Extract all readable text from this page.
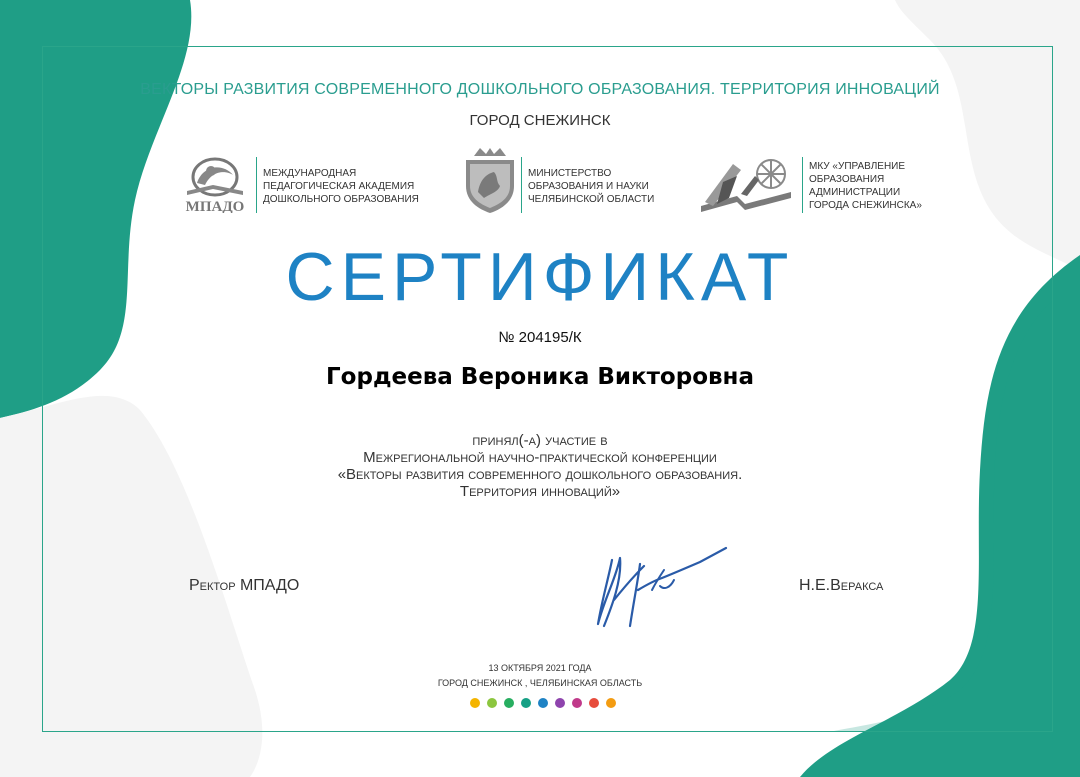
ВЕКТОРЫ РАЗВИТИЯ СОВРЕМЕННОГО ДОШКОЛЬНОГО ОБРАЗОВАНИЯ. ТЕРРИТОРИЯ ИННОВАЦИЙ
ГОРОД СНЕЖИНСК
МПАДО
МЕЖДУНАРОДНАЯ
ПЕДАГОГИЧЕСКАЯ АКАДЕМИЯ
ДОШКОЛЬНОГО ОБРАЗОВАНИЯ
МИНИСТЕРСТВО
ОБРАЗОВАНИЯ И НАУКИ
ЧЕЛЯБИНСКОЙ ОБЛАСТИ
МКУ «УПРАВЛЕНИЕ
ОБРАЗОВАНИЯ
АДМИНИСТРАЦИИ
ГОРОДА СНЕЖИНСКА»
СЕРТИФИКАТ
№ 204195/К
Гордеева Вероника Викторовна
принял(-а) участие в
Межрегиональной научно-практической конференции
«Векторы развития современного дошкольного образования.
Территория инноваций»
Ректор МПАДО	Н.Е.Веракса
13 ОКТЯБРЯ 2021 ГОДА
ГОРОД СНЕЖИНСК , ЧЕЛЯБИНСКАЯ ОБЛАСТЬ
